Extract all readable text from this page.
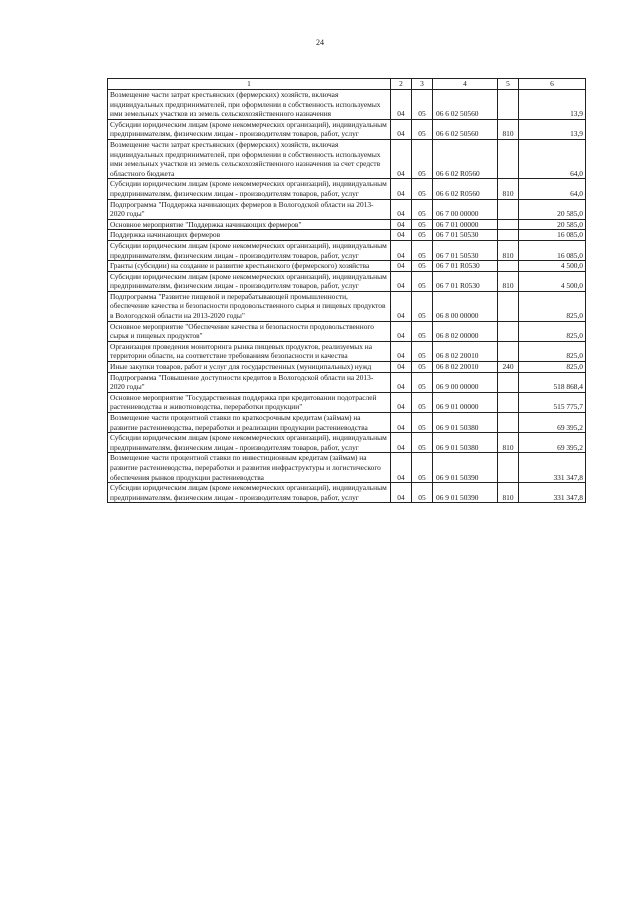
24
1	2	3	4	5	6
Возмещение части затрат крестьянских (фермерских) хозяйств, включая индивидуальных предпринимателей, при оформлении в собственность используемых ими земельных участков из земель сельскохозяйственного назначения	04	05	06 6 02 50560		13,9
Субсидии юридическим лицам (кроме некоммерческих организаций), индивидуальным предпринимателям, физическим лицам - производителям товаров, работ, услуг	04	05	06 6 02 50560	810	13,9
Возмещение части затрат крестьянских (фермерских) хозяйств, включая индивидуальных предпринимателей, при оформлении в собственность используемых ими земельных участков из земель сельскохозяйственного назначения за счет средств областного бюджета	04	05	06 6 02 R0560		64,0
Субсидии юридическим лицам (кроме некоммерческих организаций), индивидуальным предпринимателям, физическим лицам - производителям товаров, работ, услуг	04	05	06 6 02 R0560	810	64,0
Подпрограмма "Поддержка начинающих фермеров в Вологодской области на 2013-2020 годы"	04	05	06 7 00 00000		20 585,0
Основное мероприятие "Поддержка начинающих фермеров"	04	05	06 7 01 00000		20 585,0
Поддержка начинающих фермеров	04	05	06 7 01 50530		16 085,0
Субсидии юридическим лицам (кроме некоммерческих организаций), индивидуальным предпринимателям, физическим лицам - производителям товаров, работ, услуг	04	05	06 7 01 50530	810	16 085,0
Гранты (субсидии) на создание и развитие крестьянского (фермерского) хозяйства	04	05	06 7 01 R0530		4 500,0
Субсидии юридическим лицам (кроме некоммерческих организаций), индивидуальным предпринимателям, физическим лицам - производителям товаров, работ, услуг	04	05	06 7 01 R0530	810	4 500,0
Подпрограмма "Развитие пищевой и перерабатывающей промышленности, обеспечение качества и безопасности продовольственного сырья и пищевых продуктов в Вологодской области на 2013-2020 годы"	04	05	06 8 00 00000		825,0
Основное мероприятие "Обеспечение качества и безопасности продовольственного сырья и пищевых продуктов"	04	05	06 8 02 00000		825,0
Организация проведения мониторинга рынка пищевых продуктов, реализуемых на территории области, на соответствие требованиям безопасности и качества	04	05	06 8 02 20010		825,0
Иные закупки товаров, работ и услуг для государственных (муниципальных) нужд	04	05	06 8 02 20010	240	825,0
Подпрограмма "Повышение доступности кредитов в Вологодской области на 2013-2020 годы"	04	05	06 9 00 00000		518 868,4
Основное мероприятие "Государственная поддержка при кредитовании подотраслей растениеводства и животноводства, переработки продукции"	04	05	06 9 01 00000		515 775,7
Возмещение части процентной ставки по краткосрочным кредитам (займам) на развитие растениеводства, переработки и реализации продукции растениеводства	04	05	06 9 01 50380		69 395,2
Субсидии юридическим лицам (кроме некоммерческих организаций), индивидуальным предпринимателям, физическим лицам - производителям товаров, работ, услуг	04	05	06 9 01 50380	810	69 395,2
Возмещение части процентной ставки по инвестиционным кредитам (займам) на развитие растениеводства, переработки и развития инфраструктуры и логистического обеспечения рынков продукции растениеводства	04	05	06 9 01 50390		331 347,8
Субсидии юридическим лицам (кроме некоммерческих организаций), индивидуальным предпринимателям, физическим лицам - производителям товаров, работ, услуг	04	05	06 9 01 50390	810	331 347,8
